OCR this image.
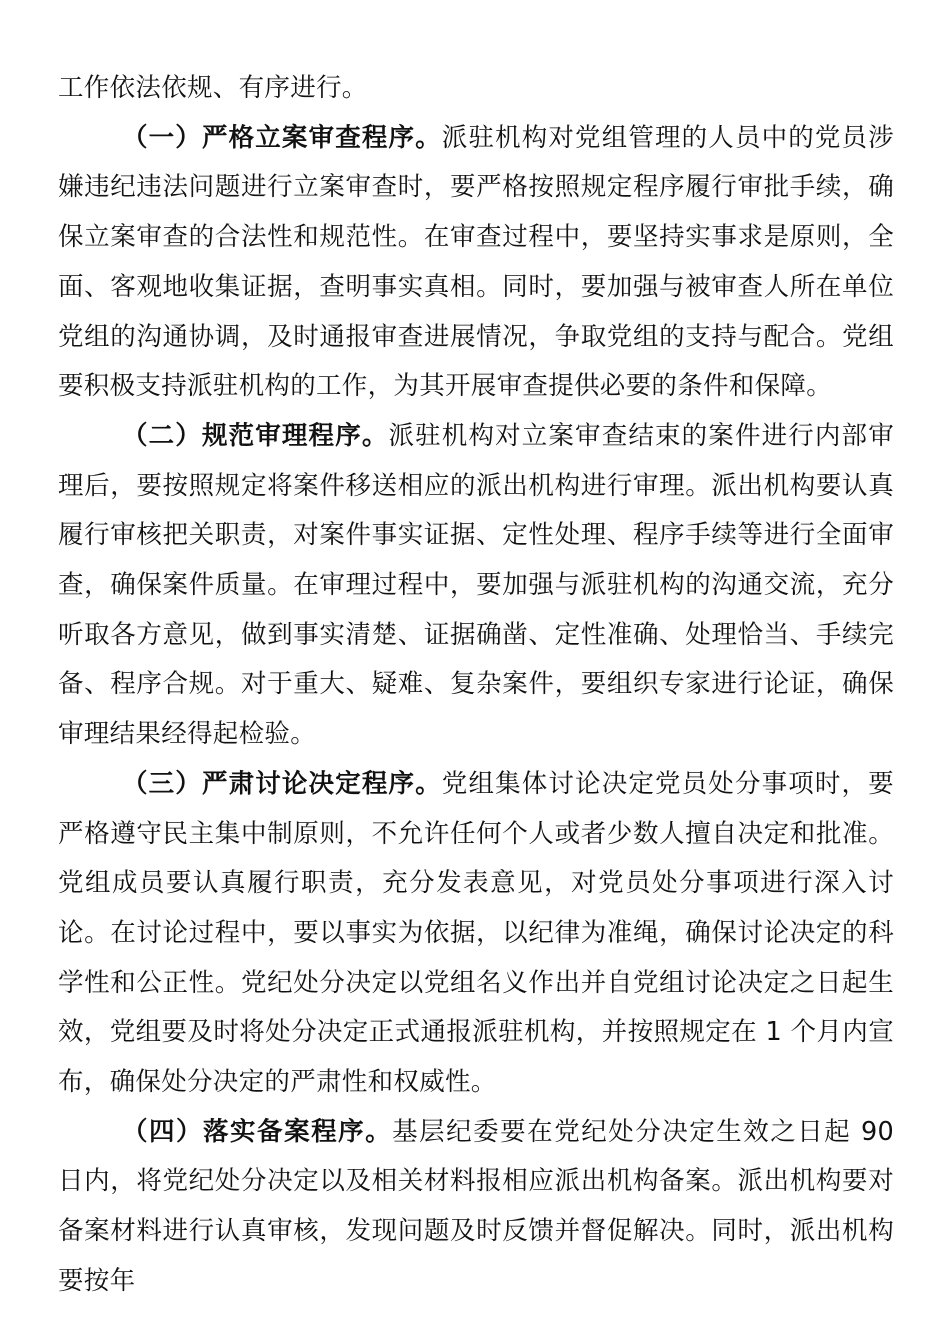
工作依法依规、有序进行。

（一）严格立案审查程序。派驻机构对党组管理的人员中的党员涉嫌违纪违法问题进行立案审查时，要严格按照规定程序履行审批手续，确保立案审查的合法性和规范性。在审查过程中，要坚持实事求是原则，全面、客观地收集证据，查明事实真相。同时，要加强与被审查人所在单位党组的沟通协调，及时通报审查进展情况，争取党组的支持与配合。党组要积极支持派驻机构的工作，为其开展审查提供必要的条件和保障。

（二）规范审理程序。派驻机构对立案审查结束的案件进行内部审理后，要按照规定将案件移送相应的派出机构进行审理。派出机构要认真履行审核把关职责，对案件事实证据、定性处理、程序手续等进行全面审查，确保案件质量。在审理过程中，要加强与派驻机构的沟通交流，充分听取各方意见，做到事实清楚、证据确凿、定性准确、处理恰当、手续完备、程序合规。对于重大、疑难、复杂案件，要组织专家进行论证，确保审理结果经得起检验。

（三）严肃讨论决定程序。党组集体讨论决定党员处分事项时，要严格遵守民主集中制原则，不允许任何个人或者少数人擅自决定和批准。党组成员要认真履行职责，充分发表意见，对党员处分事项进行深入讨论。在讨论过程中，要以事实为依据，以纪律为准绳，确保讨论决定的科学性和公正性。党纪处分决定以党组名义作出并自党组讨论决定之日起生效，党组要及时将处分决定正式通报派驻机构，并按照规定在 1 个月内宣布，确保处分决定的严肃性和权威性。

（四）落实备案程序。基层纪委要在党纪处分决定生效之日起 90 日内，将党纪处分决定以及相关材料报相应派出机构备案。派出机构要对备案材料进行认真审核，发现问题及时反馈并督促解决。同时，派出机构要按年
